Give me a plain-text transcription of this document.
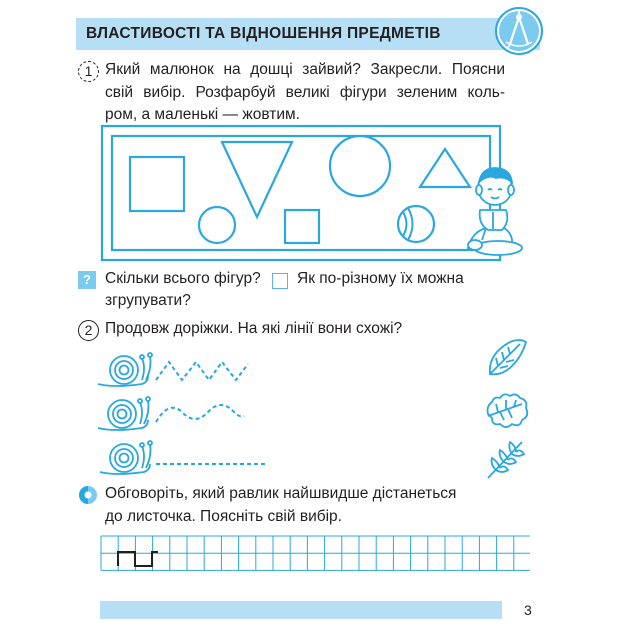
ВЛАСТИВОСТІ ТА ВІДНОШЕННЯ ПРЕДМЕТІВ
1 Який малюнок на дошці зайвий? Закресли. Поясни
свій вибір. Розфарбуй великі фігури зеленим коль-
ром, а маленькі — жовтим.
? Скільки всього фігур? Як по-різному їх можна
згрупувати?
2 Продовж доріжки. На які лінії вони схожі?
Обговоріть, який равлик найшвидше дістанеться
до листочка. Поясніть свій вибір.
3
